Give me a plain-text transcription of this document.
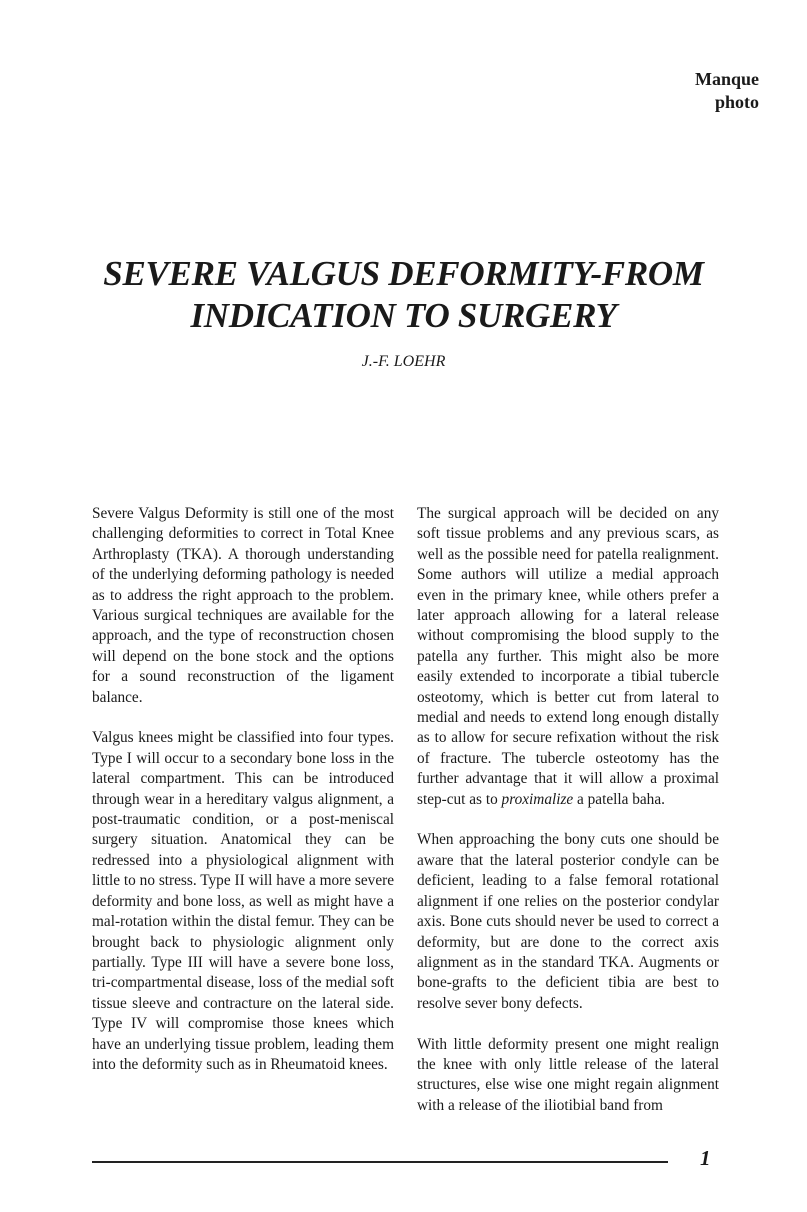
Manque
photo
SEVERE VALGUS DEFORMITY-FROM
INDICATION TO SURGERY
J.-F. LOEHR

Severe Valgus Deformity is still one of the most challenging deformities to correct in Total Knee Arthroplasty (TKA). A thorough understanding of the underlying deforming pathology is needed as to address the right approach to the problem. Various surgical techniques are available for the approach, and the type of reconstruction chosen will depend on the bone stock and the options for a sound reconstruction of the ligament balance.

Valgus knees might be classified into four types. Type I will occur to a secondary bone loss in the lateral compartment. This can be introduced through wear in a hereditary valgus alignment, a post-traumatic condition, or a post-meniscal surgery situation. Anatomical they can be redressed into a physiological alignment with little to no stress. Type II will have a more severe deformity and bone loss, as well as might have a mal-rotation within the distal femur. They can be brought back to physiologic alignment only partially. Type III will have a severe bone loss, tri-compartmental disease, loss of the medial soft tissue sleeve and contracture on the lateral side. Type IV will compromise those knees which have an underlying tissue problem, leading them into the deformity such as in Rheumatoid knees.

The surgical approach will be decided on any soft tissue problems and any previous scars, as well as the possible need for patella realignment. Some authors will utilize a medial approach even in the primary knee, while others prefer a later approach allowing for a lateral release without compromising the blood supply to the patella any further. This might also be more easily extended to incorporate a tibial tubercle osteotomy, which is better cut from lateral to medial and needs to extend long enough distally as to allow for secure refixation without the risk of fracture. The tubercle osteotomy has the further advantage that it will allow a proximal step-cut as to proximalize a patella baha.

When approaching the bony cuts one should be aware that the lateral posterior condyle can be deficient, leading to a false femoral rotational alignment if one relies on the posterior condylar axis. Bone cuts should never be used to correct a deformity, but are done to the correct axis alignment as in the standard TKA. Augments or bone-grafts to the deficient tibia are best to resolve sever bony defects.

With little deformity present one might realign the knee with only little release of the lateral structures, else wise one might regain alignment with a release of the iliotibial band from

1
